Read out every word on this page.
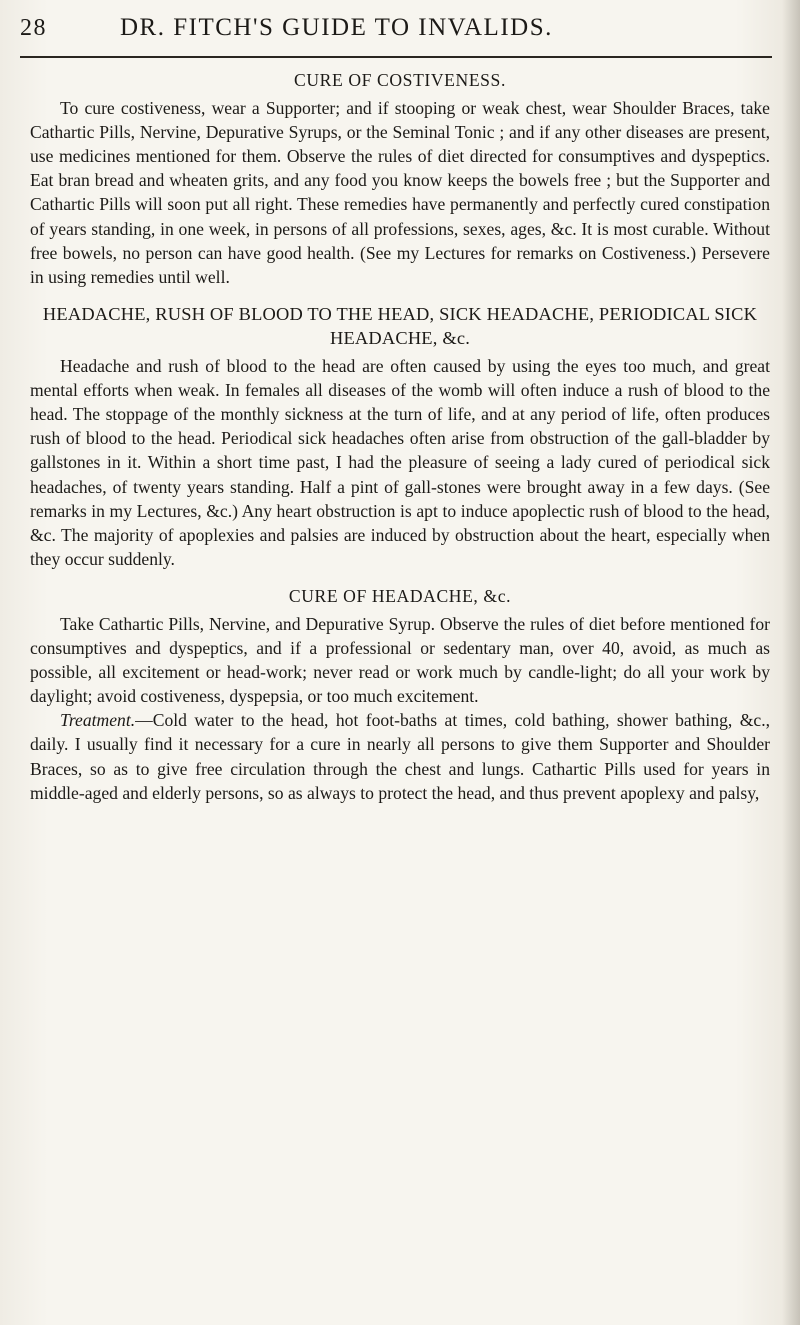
28	DR. FITCH'S GUIDE TO INVALIDS.
CURE OF COSTIVENESS.

To cure costiveness, wear a Supporter; and if stooping or weak chest, wear Shoulder Braces, take Cathartic Pills, Nervine, Depurative Syrups, or the Seminal Tonic ; and if any other diseases are present, use medicines mentioned for them. Observe the rules of diet directed for consumptives and dyspeptics. Eat bran bread and wheaten grits, and any food you know keeps the bowels free ; but the Supporter and Cathartic Pills will soon put all right. These remedies have permanently and perfectly cured constipation of years standing, in one week, in persons of all professions, sexes, ages, &c. It is most curable. Without free bowels, no person can have good health. (See my Lectures for remarks on Costiveness.) Persevere in using remedies until well.

HEADACHE, RUSH OF BLOOD TO THE HEAD, SICK HEADACHE, PERIODICAL SICK HEADACHE, &c.

Headache and rush of blood to the head are often caused by using the eyes too much, and great mental efforts when weak. In females all diseases of the womb will often induce a rush of blood to the head. The stoppage of the monthly sickness at the turn of life, and at any period of life, often produces rush of blood to the head. Periodical sick headaches often arise from obstruction of the gall-bladder by gallstones in it. Within a short time past, I had the pleasure of seeing a lady cured of periodical sick headaches, of twenty years standing. Half a pint of gall-stones were brought away in a few days. (See remarks in my Lectures, &c.) Any heart obstruction is apt to induce apoplectic rush of blood to the head, &c. The majority of apoplexies and palsies are induced by obstruction about the heart, especially when they occur suddenly.

CURE OF HEADACHE, &c.

Take Cathartic Pills, Nervine, and Depurative Syrup. Observe the rules of diet before mentioned for consumptives and dyspeptics, and if a professional or sedentary man, over 40, avoid, as much as possible, all excitement or head-work; never read or work much by candle-light; do all your work by daylight; avoid costiveness, dyspepsia, or too much excitement.

Treatment.—Cold water to the head, hot foot-baths at times, cold bathing, shower bathing, &c., daily. I usually find it necessary for a cure in nearly all persons to give them Supporter and Shoulder Braces, so as to give free circulation through the chest and lungs. Cathartic Pills used for years in middle-aged and elderly persons, so as always to protect the head, and thus prevent apoplexy and palsy,
